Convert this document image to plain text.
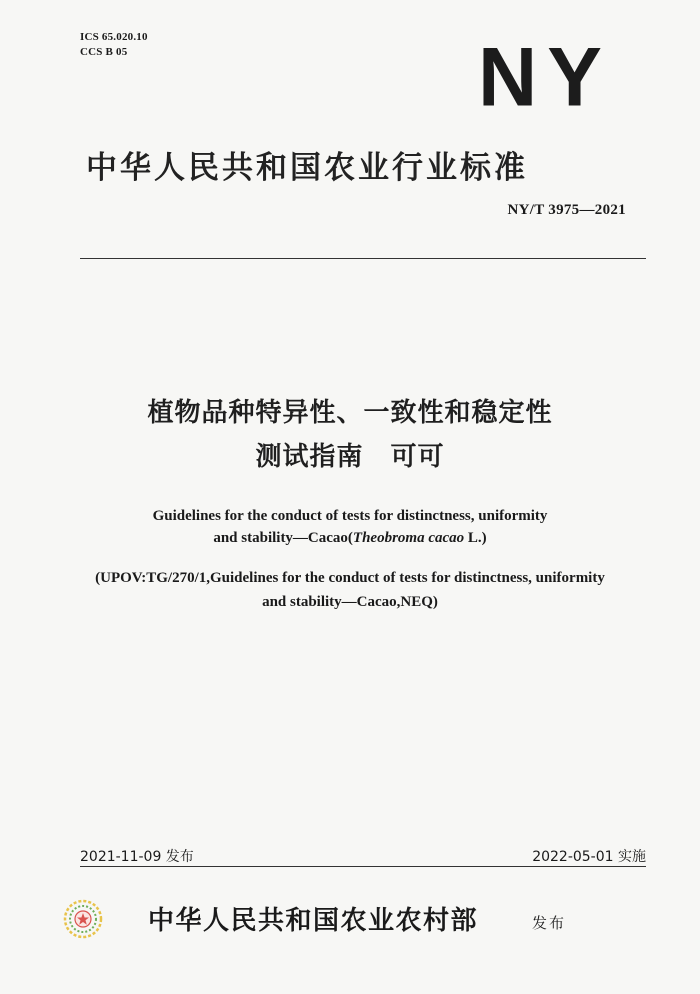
ICS 65.020.10
CCS B 05	NY
中华人民共和国农业行业标准
NY/T 3975—2021
植物品种特异性、一致性和稳定性
测试指南　可可
Guidelines for the conduct of tests for distinctness, uniformity
and stability—Cacao(Theobroma cacao L.)
(UPOV:TG/270/1,Guidelines for the conduct of tests for distinctness, uniformity
and stability—Cacao,NEQ)
2021-11-09 发布	2022-05-01 实施
中华人民共和国农业农村部	发布
